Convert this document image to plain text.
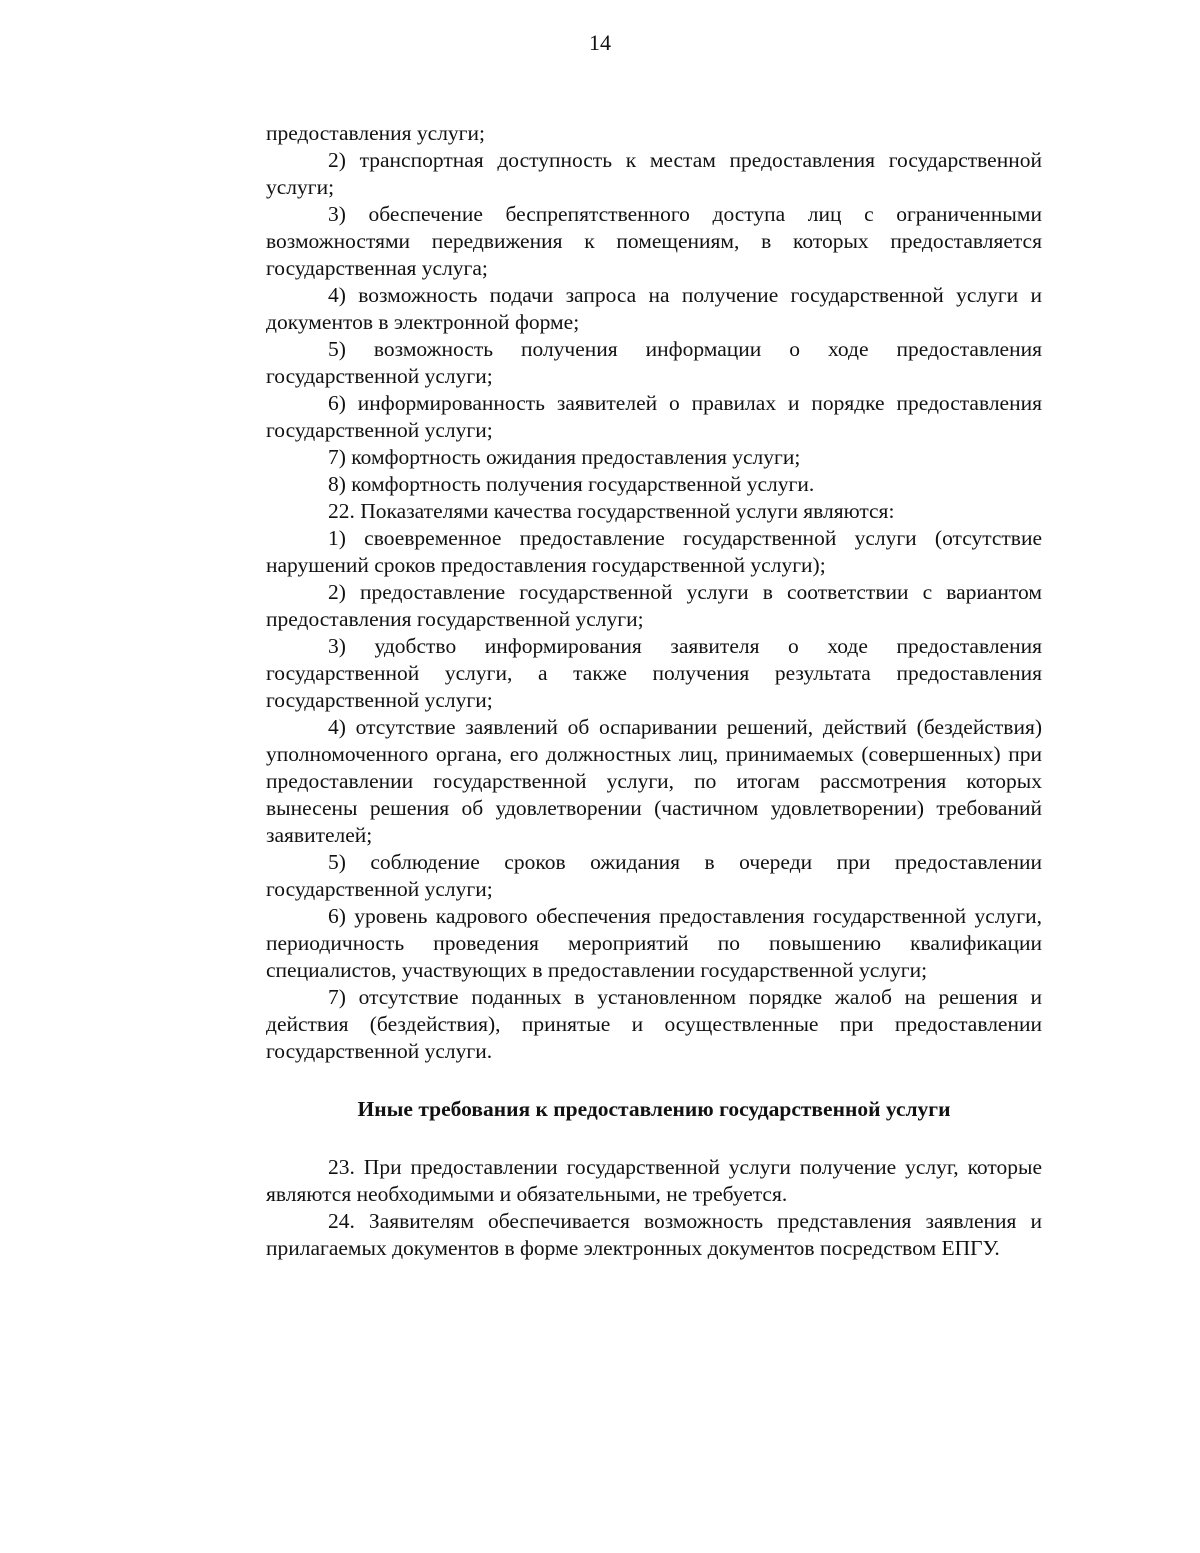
14

предоставления услуги;

2) транспортная доступность к местам предоставления государственной услуги;

3) обеспечение беспрепятственного доступа лиц с ограниченными возможностями передвижения к помещениям, в которых предоставляется государственная услуга;

4) возможность подачи запроса на получение государственной услуги и документов в электронной форме;

5) возможность получения информации о ходе предоставления государственной услуги;

6) информированность заявителей о правилах и порядке предоставления государственной услуги;

7) комфортность ожидания предоставления услуги;

8) комфортность получения государственной услуги.

22. Показателями качества государственной услуги являются:

1) своевременное предоставление государственной услуги (отсутствие нарушений сроков предоставления государственной услуги);

2) предоставление государственной услуги в соответствии с вариантом предоставления государственной услуги;

3) удобство информирования заявителя о ходе предоставления государственной услуги, а также получения результата предоставления государственной услуги;

4) отсутствие заявлений об оспаривании решений, действий (бездействия) уполномоченного органа, его должностных лиц, принимаемых (совершенных) при предоставлении государственной услуги, по итогам рассмотрения которых вынесены решения об удовлетворении (частичном удовлетворении) требований заявителей;

5) соблюдение сроков ожидания в очереди при предоставлении государственной услуги;

6) уровень кадрового обеспечения предоставления государственной услуги, периодичность проведения мероприятий по повышению квалификации специалистов, участвующих в предоставлении государственной услуги;

7) отсутствие поданных в установленном порядке жалоб на решения и действия (бездействия), принятые и осуществленные при предоставлении государственной услуги.

Иные требования к предоставлению государственной услуги

23. При предоставлении государственной услуги получение услуг, которые являются необходимыми и обязательными, не требуется.

24. Заявителям обеспечивается возможность представления заявления и прилагаемых документов в форме электронных документов посредством ЕПГУ.
